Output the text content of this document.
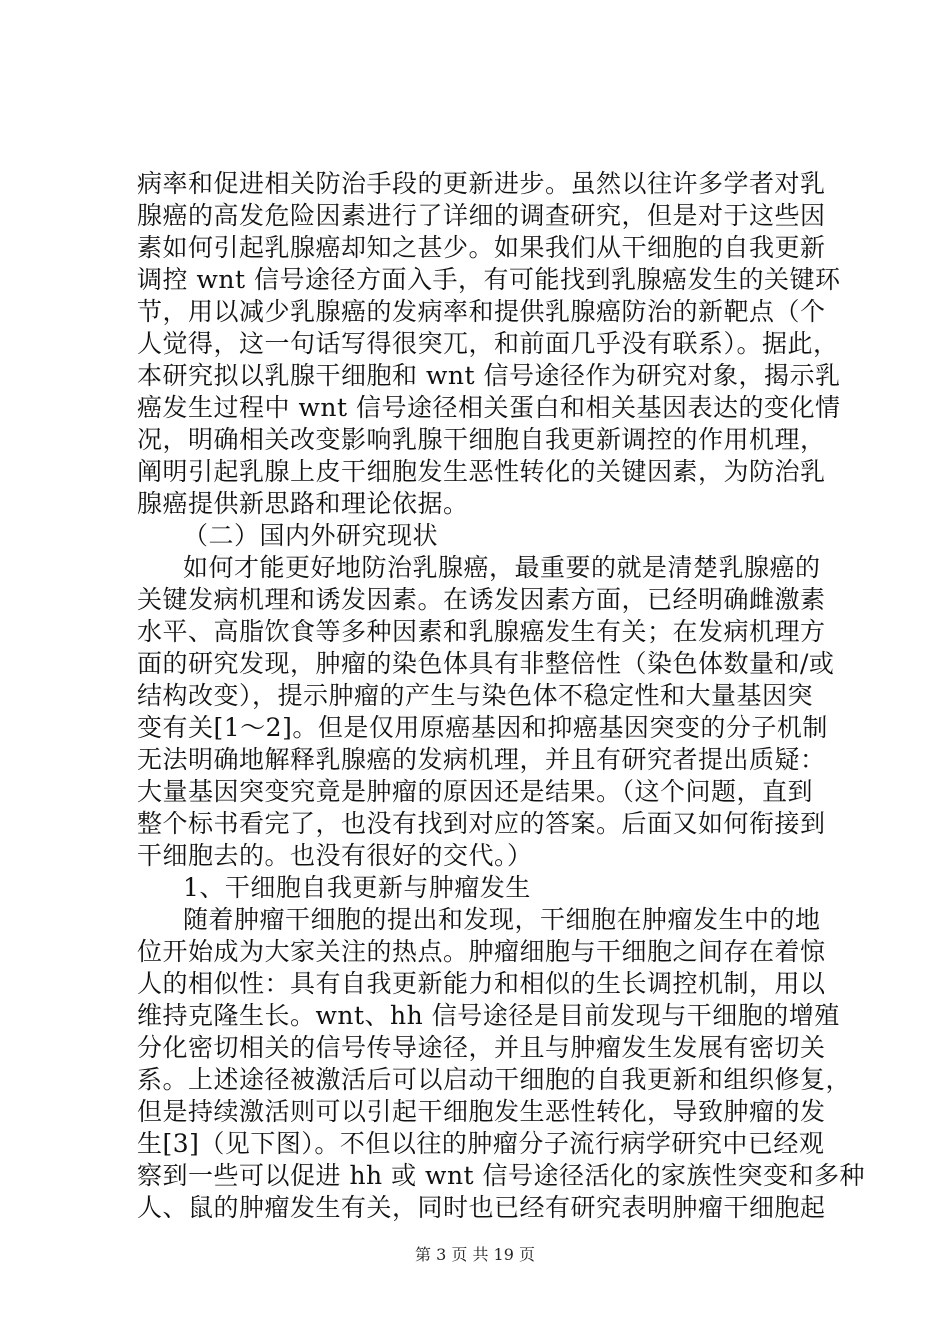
病率和促进相关防治手段的更新进步。虽然以往许多学者对乳
腺癌的高发危险因素进行了详细的调查研究，但是对于这些因
素如何引起乳腺癌却知之甚少。如果我们从干细胞的自我更新
调控 wnt 信号途径方面入手，有可能找到乳腺癌发生的关键环
节，用以减少乳腺癌的发病率和提供乳腺癌防治的新靶点（个
人觉得，这一句话写得很突兀，和前面几乎没有联系）。据此，
本研究拟以乳腺干细胞和 wnt 信号途径作为研究对象，揭示乳
癌发生过程中 wnt 信号途径相关蛋白和相关基因表达的变化情
况，明确相关改变影响乳腺干细胞自我更新调控的作用机理，
阐明引起乳腺上皮干细胞发生恶性转化的关键因素，为防治乳
腺癌提供新思路和理论依据。
（二）国内外研究现状
如何才能更好地防治乳腺癌，最重要的就是清楚乳腺癌的
关键发病机理和诱发因素。在诱发因素方面，已经明确雌激素
水平、高脂饮食等多种因素和乳腺癌发生有关；在发病机理方
面的研究发现，肿瘤的染色体具有非整倍性（染色体数量和/或
结构改变），提示肿瘤的产生与染色体不稳定性和大量基因突
变有关[1～2]。但是仅用原癌基因和抑癌基因突变的分子机制
无法明确地解释乳腺癌的发病机理，并且有研究者提出质疑：
大量基因突变究竟是肿瘤的原因还是结果。（这个问题，直到
整个标书看完了，也没有找到对应的答案。后面又如何衔接到
干细胞去的。也没有很好的交代。）
1、干细胞自我更新与肿瘤发生
随着肿瘤干细胞的提出和发现，干细胞在肿瘤发生中的地
位开始成为大家关注的热点。肿瘤细胞与干细胞之间存在着惊
人的相似性：具有自我更新能力和相似的生长调控机制，用以
维持克隆生长。wnt、hh 信号途径是目前发现与干细胞的增殖
分化密切相关的信号传导途径，并且与肿瘤发生发展有密切关
系。上述途径被激活后可以启动干细胞的自我更新和组织修复，
但是持续激活则可以引起干细胞发生恶性转化，导致肿瘤的发
生[3]（见下图）。不但以往的肿瘤分子流行病学研究中已经观
察到一些可以促进 hh 或 wnt 信号途径活化的家族性突变和多种
人、鼠的肿瘤发生有关，同时也已经有研究表明肿瘤干细胞起
第 3 页 共 19 页
